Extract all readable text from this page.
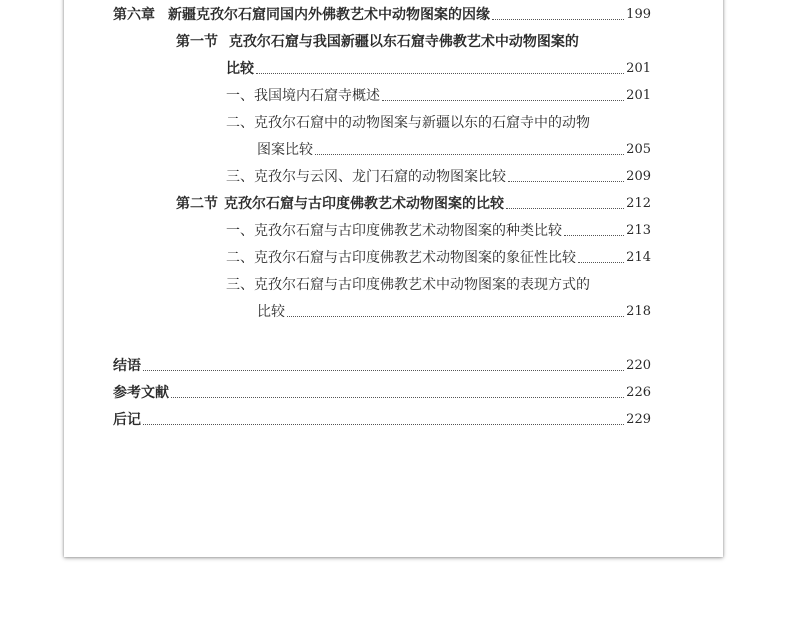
第六章 新疆克孜尔石窟同国内外佛教艺术中动物图案的因缘	199
第一节 克孜尔石窟与我国新疆以东石窟寺佛教艺术中动物图案的
比较	201
一、我国境内石窟寺概述	201
二、克孜尔石窟中的动物图案与新疆以东的石窟寺中的动物
图案比较	205
三、克孜尔与云冈、龙门石窟的动物图案比较	209
第二节 克孜尔石窟与古印度佛教艺术动物图案的比较	212
一、克孜尔石窟与古印度佛教艺术动物图案的种类比较	213
二、克孜尔石窟与古印度佛教艺术动物图案的象征性比较	214
三、克孜尔石窟与古印度佛教艺术中动物图案的表现方式的
比较	218
结语	220
参考文献	226
后记	229
